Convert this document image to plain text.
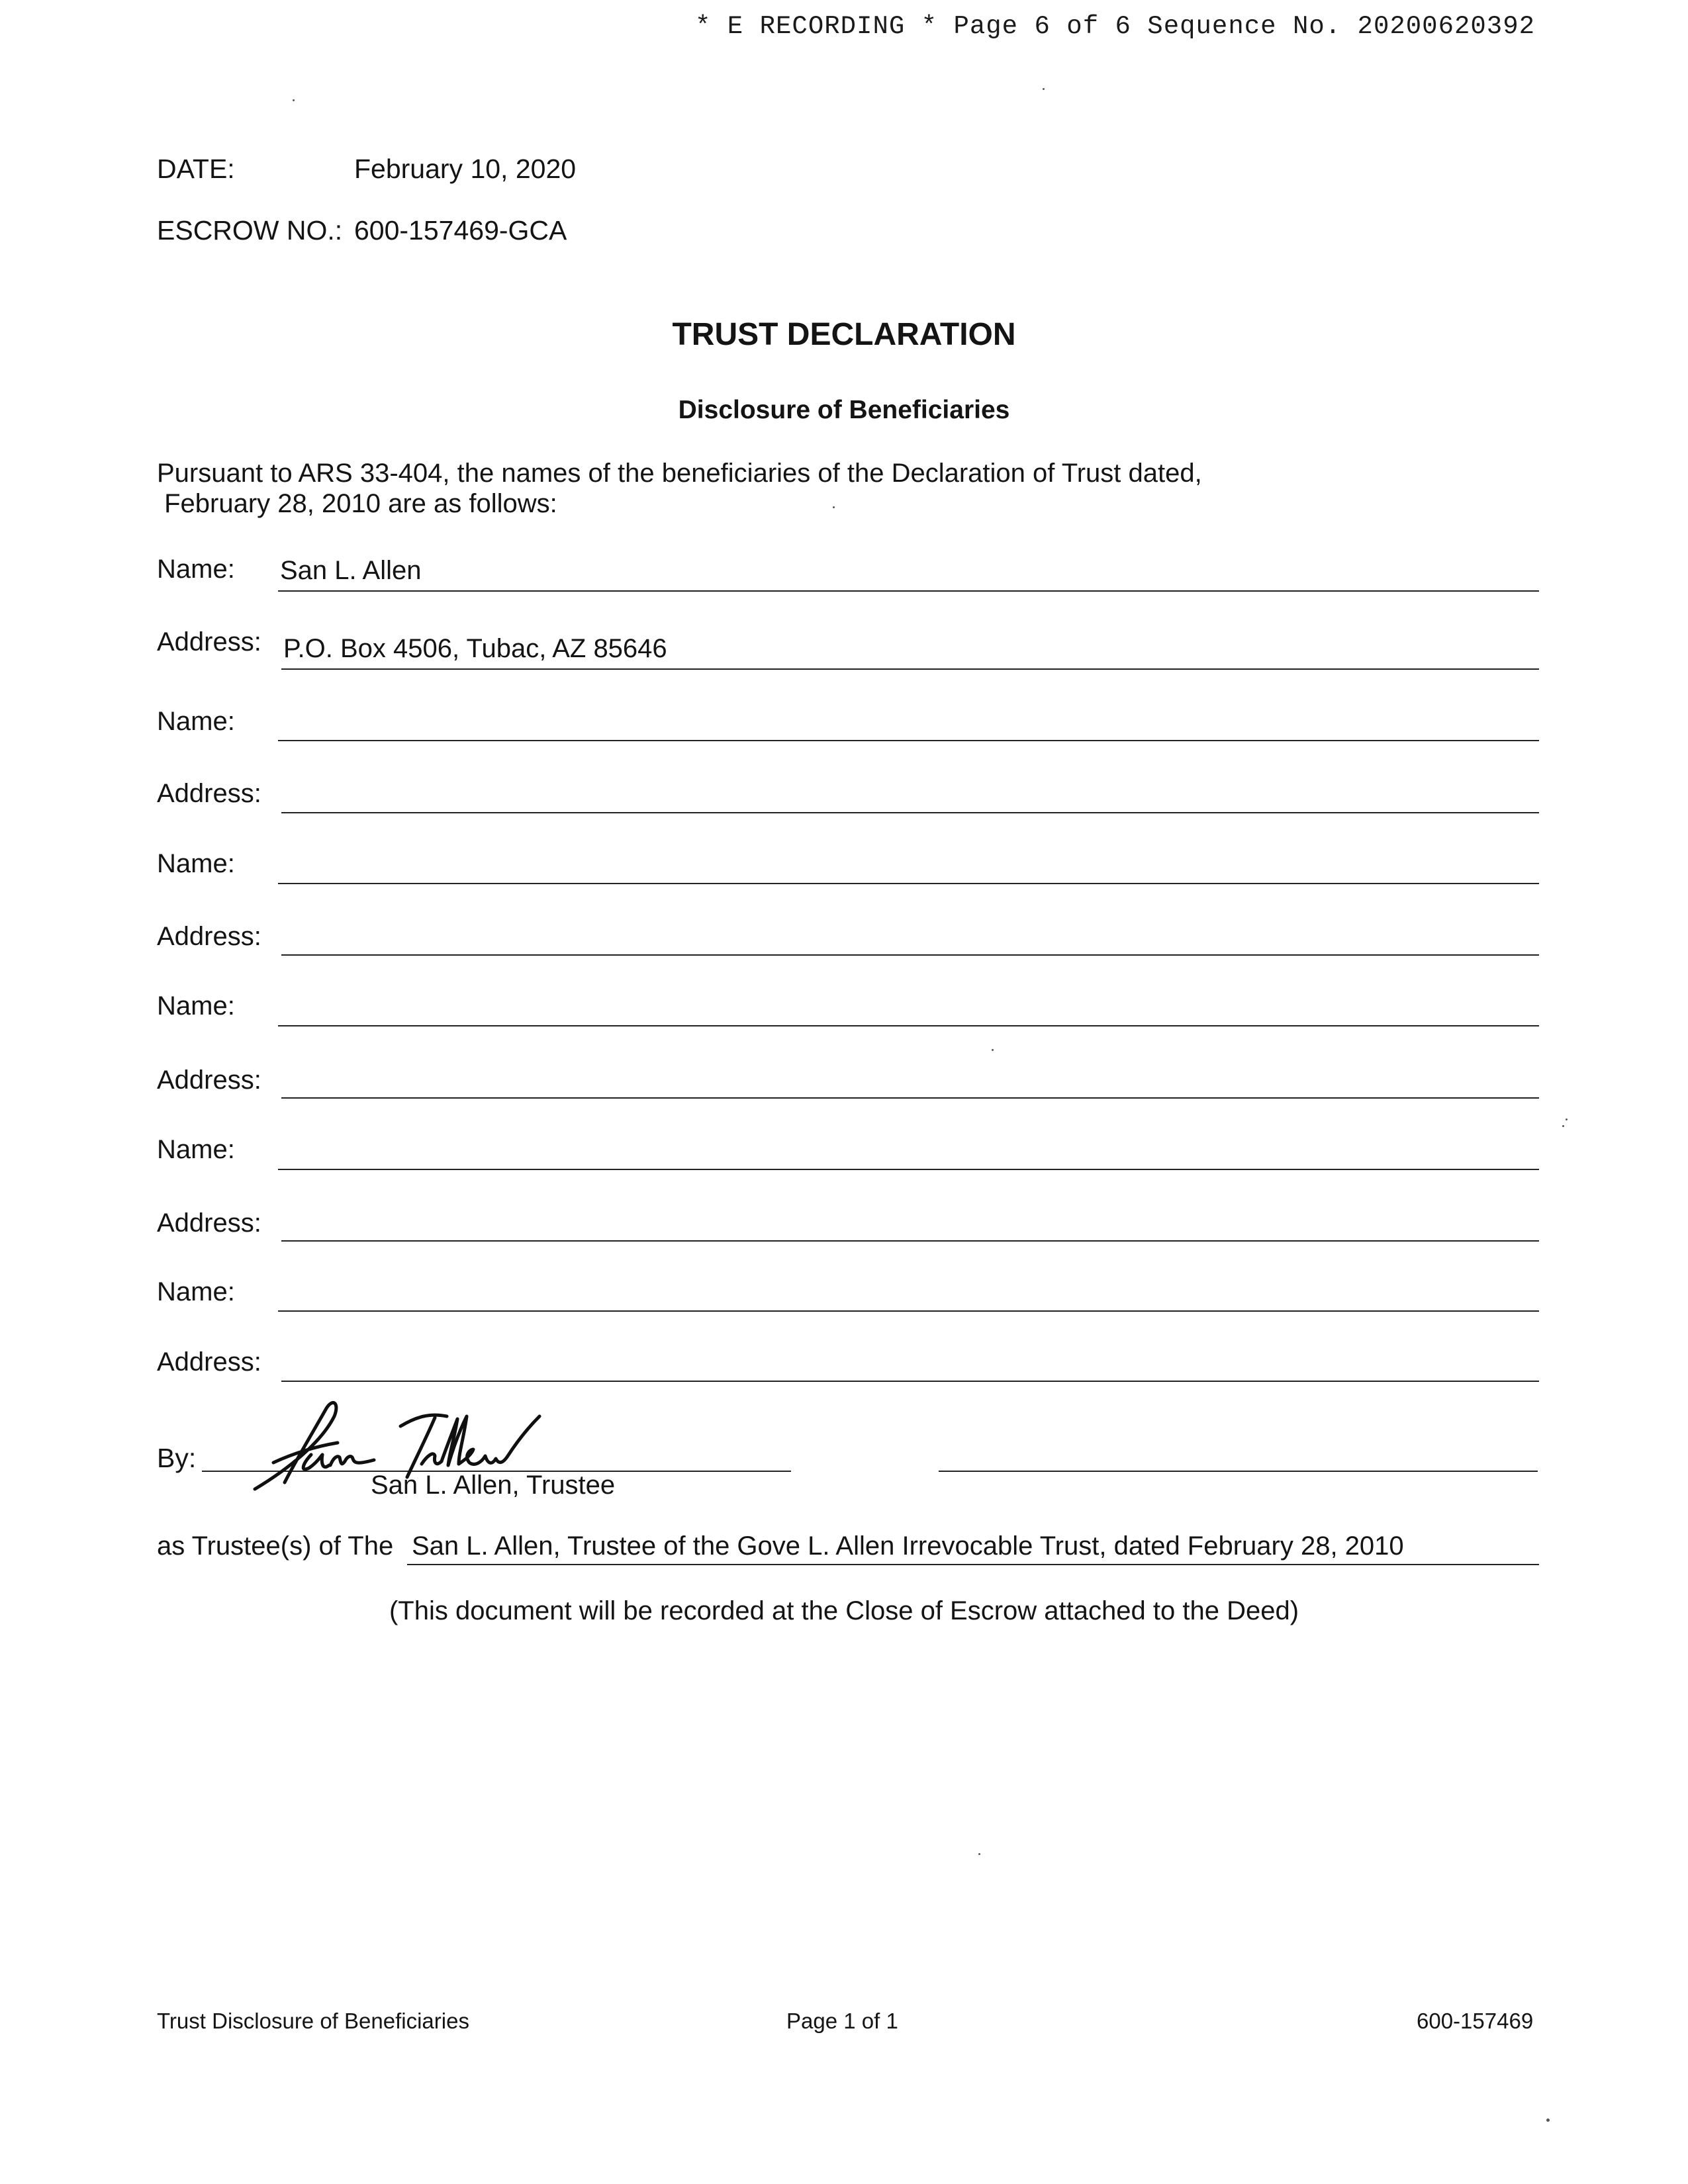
* E RECORDING * Page 6 of 6 Sequence No. 20200620392
DATE:	February 10, 2020
ESCROW NO.: 600-157469-GCA
TRUST DECLARATION
Disclosure of Beneficiaries
Pursuant to ARS 33-404, the names of the beneficiaries of the Declaration of Trust dated,
February 28, 2010 are as follows:
Name: San L. Allen
Address: P.O. Box 4506, Tubac, AZ 85646
Name:
Address:
Name:
Address:
Name:
Address:
Name:
Address:
Name:
Address:
By:
San L. Allen, Trustee
as Trustee(s) of The San L. Allen, Trustee of the Gove L. Allen Irrevocable Trust, dated February 28, 2010
(This document will be recorded at the Close of Escrow attached to the Deed)
Trust Disclosure of Beneficiaries	Page 1 of 1	600-157469
